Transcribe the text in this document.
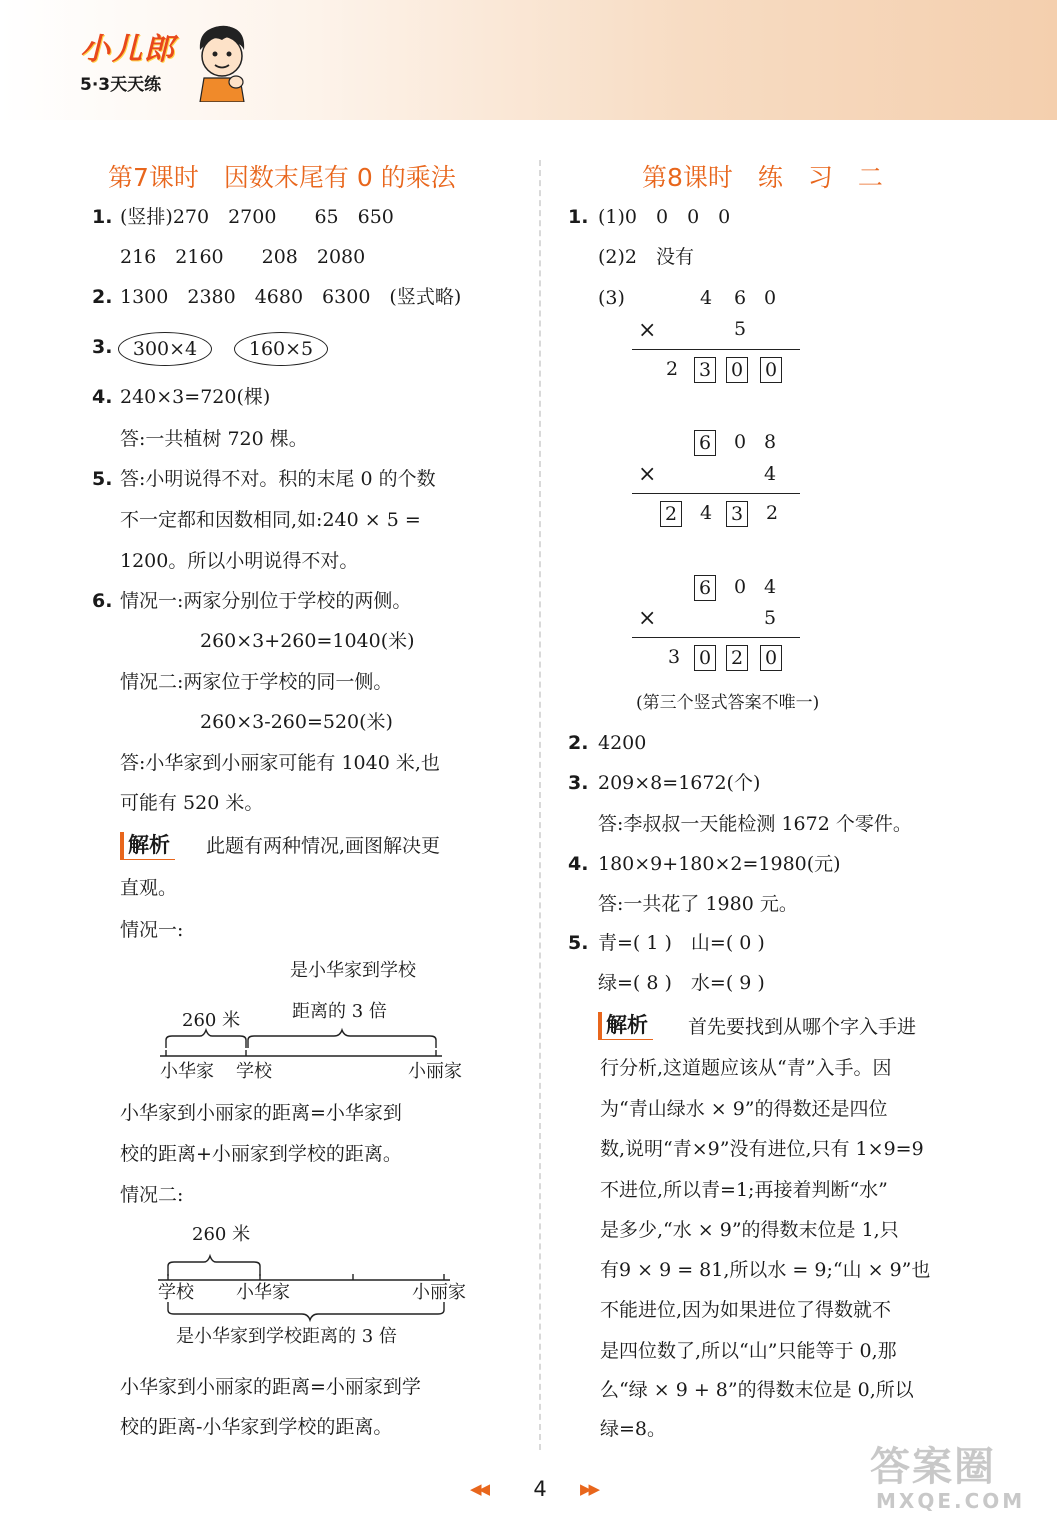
小儿郎
5·3天天练
第7课时　因数末尾有 0 的乘法
1. (竖排)270　2700　　65　650
216　2160　　208　2080
2. 1300　2380　4680　6300　(竖式略)
3.	300×4	160×5
4. 240×3=720(棵)
答:一共植树 720 棵。
5. 答:小明说得不对。积的末尾 0 的个数
不一定都和因数相同,如:240 × 5 =
1200。所以小明说得不对。
6. 情况一:两家分别位于学校的两侧。
260×3+260=1040(米)
情况二:两家位于学校的同一侧。
260×3-260=520(米)
答:小华家到小丽家可能有 1040 米,也
可能有 520 米。
解析 此题有两种情况,画图解决更
直观。
情况一:
是小华家到学校
距离的 3 倍
260 米
小华家 学校	小丽家
小华家到小丽家的距离=小华家到
校的距离+小丽家到学校的距离。
情况二:
260 米
学校 小华家	小丽家
是小华家到学校距离的 3 倍
小华家到小丽家的距离=小丽家到学
校的距离-小华家到学校的距离。
第8课时　练　习　二
1. (1)0　0　0　0
(2)2　没有
(3)	4 6 0
×	5
2 3 0 0
6 0 8
×	4
2 4 3 2
6 0 4
×	5
3 0 2 0
(第三个竖式答案不唯一)
2. 4200
3. 209×8=1672(个)
答:李叔叔一天能检测 1672 个零件。
4. 180×9+180×2=1980(元)
答:一共花了 1980 元。
5. 青=( 1 )　山=( 0 )
绿=( 8 )　水=( 9 )
解析 首先要找到从哪个字入手进
行分析,这道题应该从“青”入手。因
为“青山绿水 × 9”的得数还是四位
数,说明“青×9”没有进位,只有 1×9=9
不进位,所以青=1;再接着判断“水”
是多少,“水 × 9”的得数末位是 1,只
有9 × 9 = 81,所以水 = 9;“山 × 9”也
不能进位,因为如果进位了得数就不
是四位数了,所以“山”只能等于 0,那
么“绿 × 9 + 8”的得数末位是 0,所以
绿=8。
◀◀	4	▶▶	答案圈
MXQE.COM
